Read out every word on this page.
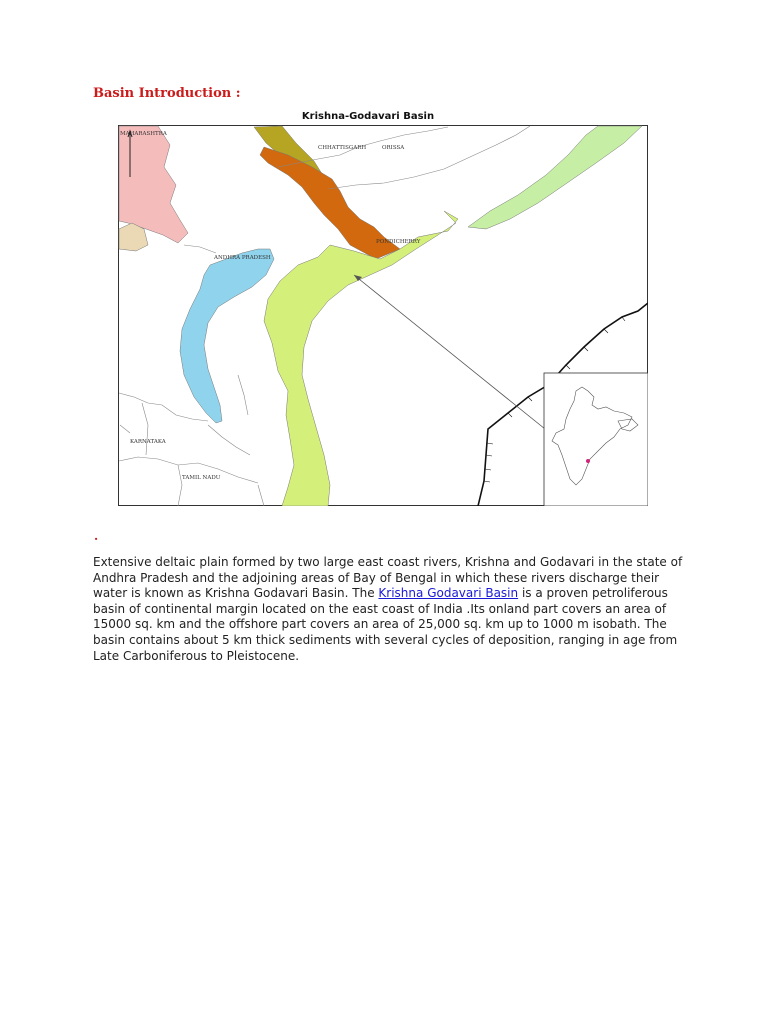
Basin Introduction :
Krishna-Godavari Basin
MAHARASHTRA
CHHATTISGARH	ORISSA
ANDHRA PRADESH
PONDICHERRY
KARNATAKA
TAMIL NADU
.

Extensive deltaic plain formed by two large east coast rivers, Krishna and Godavari in the state of Andhra Pradesh and the adjoining areas of Bay of Bengal in which these rivers discharge their water is known as Krishna Godavari Basin. The Krishna Godavari Basin is a proven petroliferous basin of continental margin located on the east coast of India .Its onland part covers an area of 15000 sq. km and the offshore part covers an area of 25,000 sq. km up to 1000 m isobath. The basin contains about 5 km thick sediments with several cycles of deposition, ranging in age from Late Carboniferous to Pleistocene.
